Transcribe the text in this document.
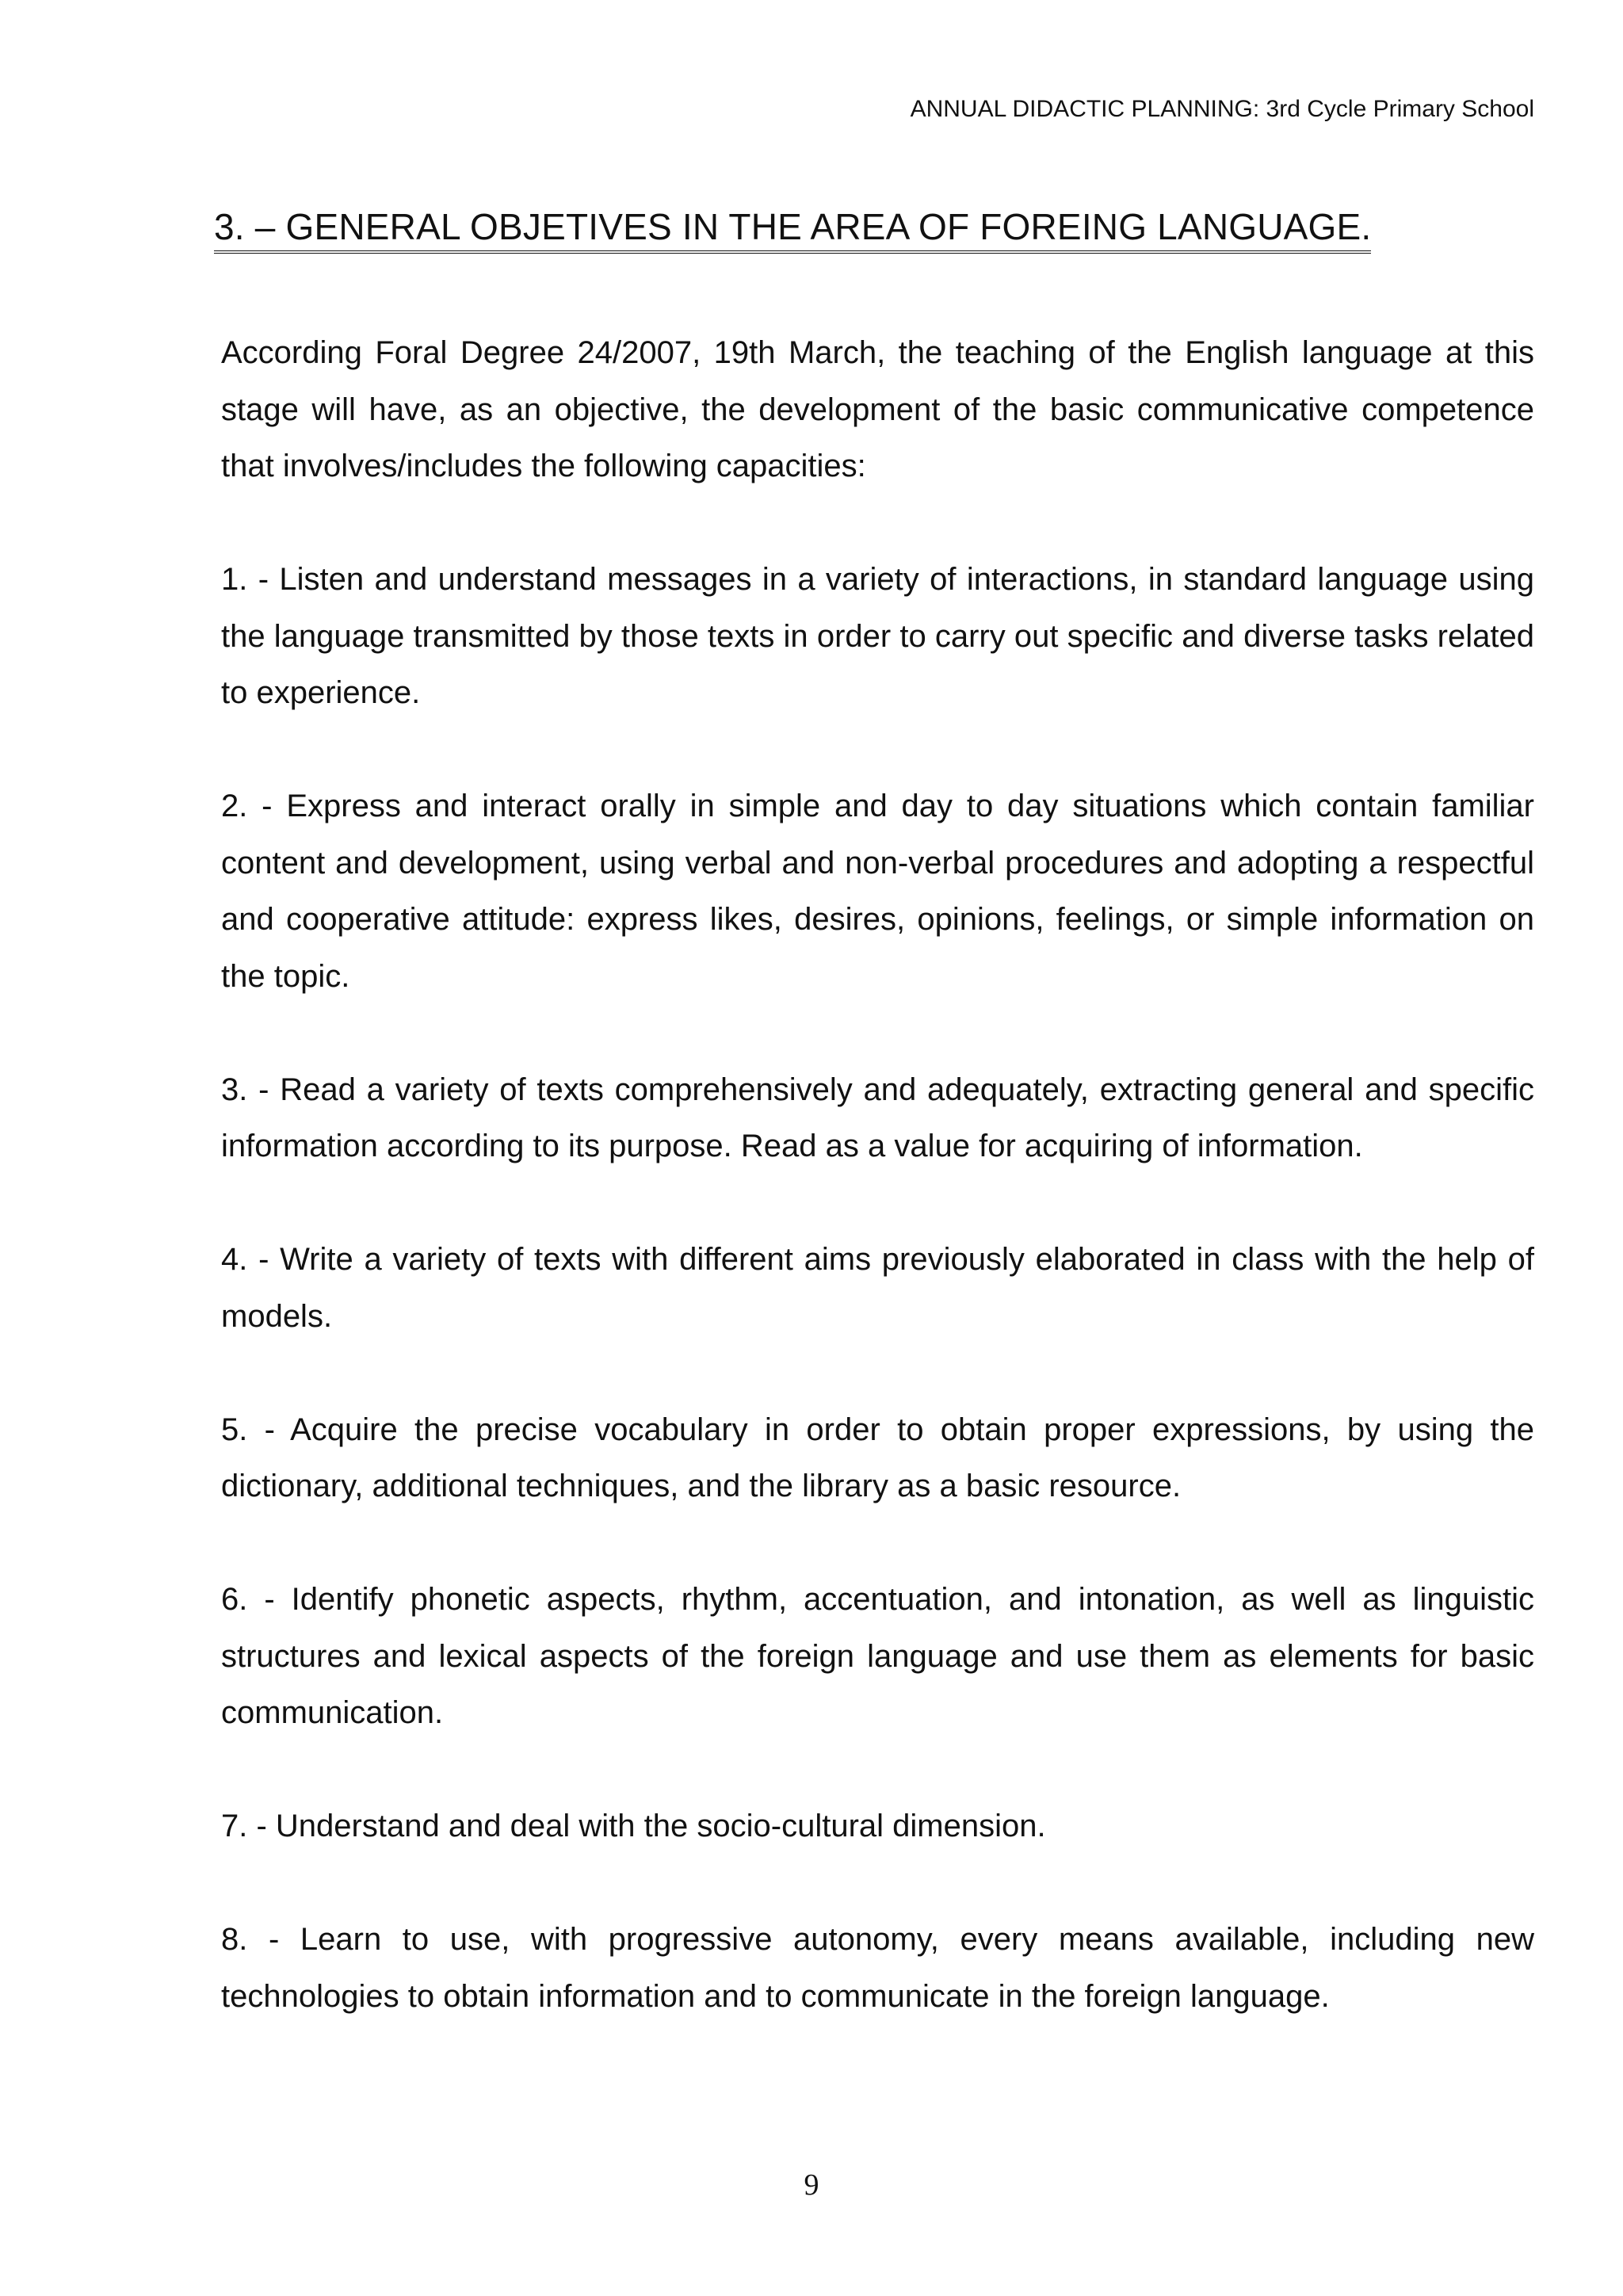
ANNUAL DIDACTIC PLANNING: 3rd Cycle Primary School
3. – GENERAL OBJETIVES IN THE AREA OF FOREING LANGUAGE.

According Foral Degree 24/2007, 19th March, the teaching of the English language at this stage will have, as an objective, the development of the basic communicative competence that involves/includes the following capacities:

1. - Listen and understand messages in a variety of interactions, in standard language using the language transmitted by those texts in order to carry out specific and diverse tasks related to experience.

2. - Express and interact orally in simple and day to day situations which contain familiar content and development, using verbal and non-verbal procedures and adopting a respectful and cooperative attitude: express likes, desires, opinions, feelings, or simple information on the topic.

3. - Read a variety of texts comprehensively and adequately, extracting general and specific information according to its purpose. Read as a value for acquiring of information.

4. - Write a variety of texts with different aims previously elaborated in class with the help of models.

5. - Acquire the precise vocabulary in order to obtain proper expressions, by using the dictionary, additional techniques, and the library as a basic resource.

6. - Identify phonetic aspects, rhythm, accentuation, and intonation, as well as linguistic structures and lexical aspects of the foreign language and use them as elements for basic communication.

7. - Understand and deal with the socio-cultural dimension.

8. - Learn to use, with progressive autonomy, every means available, including new technologies to obtain information and to communicate in the foreign language.

9
